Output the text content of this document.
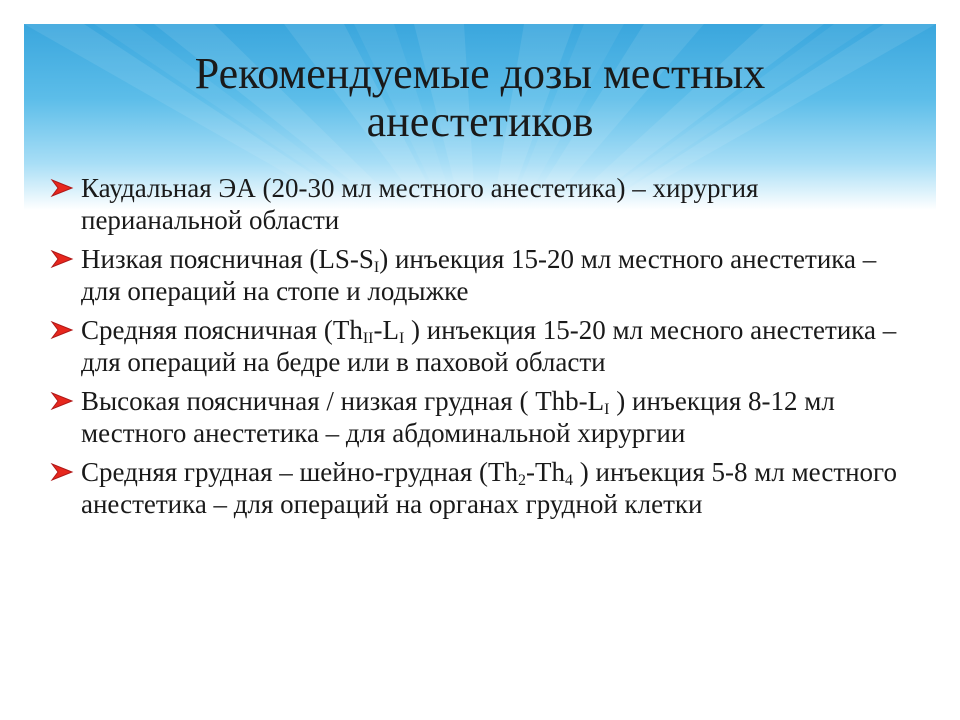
Рекомендуемые дозы местных
анестетиков
Каудальная ЭА (20-30 мл местного анестетика) – хирургия перианальной области
Низкая поясничная $(LS-S_I)$ инъекция 15-20 мл местного анестетика – для операций на стопе и лодыжке
Средняя поясничная ($Th_{II}-L_I$ ) инъекция 15-20 мл месного анестетика – для операций на бедре или в паховой области
Высокая поясничная / низкая грудная ( Thb-$L_I$ ) инъекция 8-12 мл местного анестетика – для абдоминальной хирургии
Средняя грудная – шейно-грудная ($Th_2-Th_4$ ) инъекция 5-8 мл местного анестетика – для операций на органах грудной клетки
